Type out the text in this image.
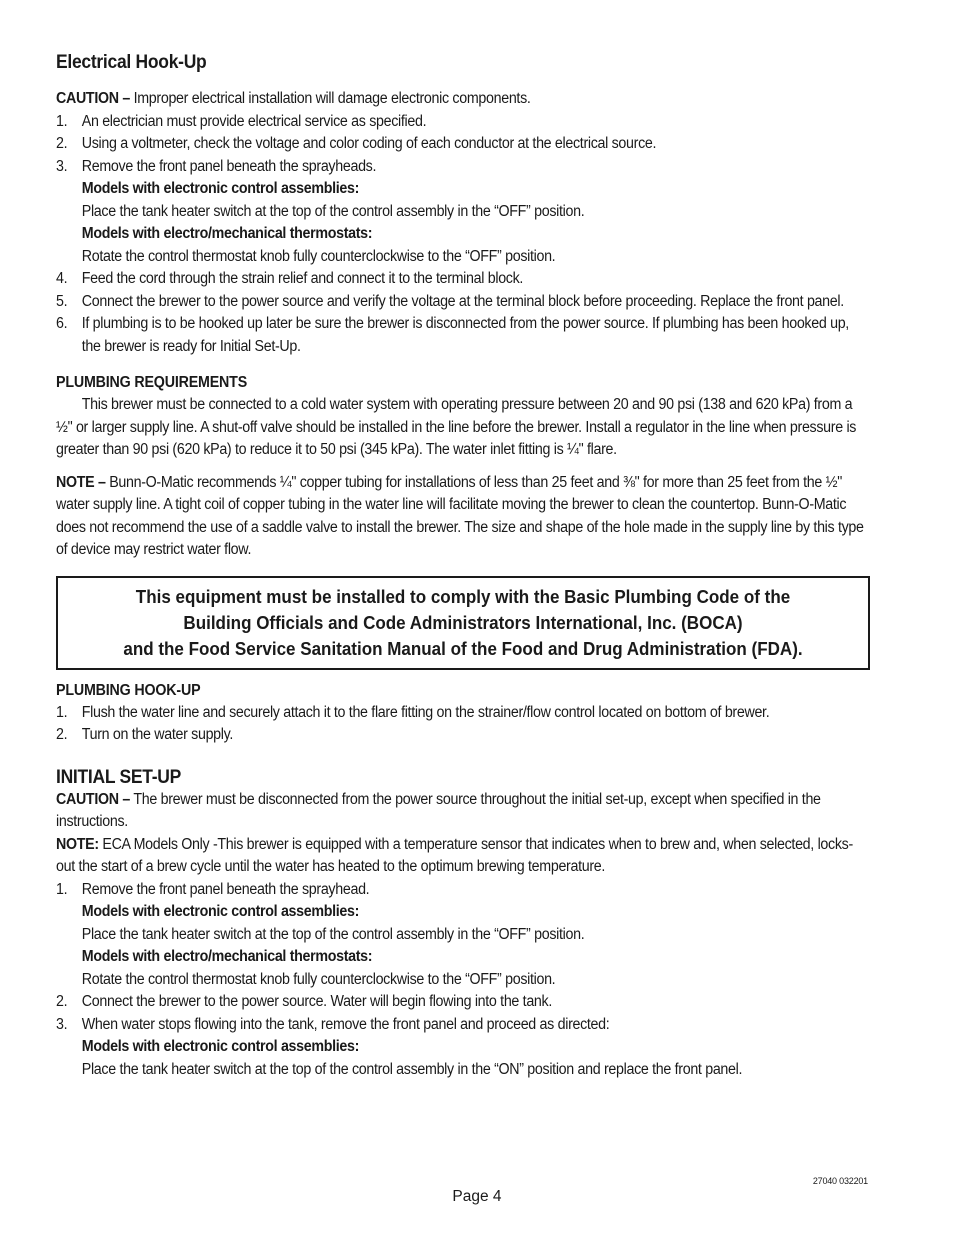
Electrical Hook-Up
CAUTION – Improper electrical installation will damage electronic components.
1. An electrician must provide electrical service as specified.
2. Using a voltmeter, check the voltage and color coding of each conductor at the electrical source.
3. Remove the front panel beneath the sprayheads.
Models with electronic control assemblies:
Place the tank heater switch at the top of the control assembly in the “OFF” position.
Models with electro/mechanical thermostats:
Rotate the control thermostat knob fully counterclockwise to the “OFF” position.
4. Feed the cord through the strain relief and connect it to the terminal block.
5. Connect the brewer to the power source and verify the voltage at the terminal block before proceeding. Replace the front panel.
6. If plumbing is to be hooked up later be sure the brewer is disconnected from the power source. If plumbing has been hooked up, the brewer is ready for Initial Set-Up.
PLUMBING REQUIREMENTS
This brewer must be connected to a cold water system with operating pressure between 20 and 90 psi (138 and 620 kPa) from a ½" or larger supply line. A shut-off valve should be installed in the line before the brewer. Install a regulator in the line when pressure is greater than 90 psi (620 kPa) to reduce it to 50 psi (345 kPa). The water inlet fitting is ¼" flare.
NOTE – Bunn-O-Matic recommends ¼" copper tubing for installations of less than 25 feet and ⅜" for more than 25 feet from the ½" water supply line. A tight coil of copper tubing in the water line will facilitate moving the brewer to clean the countertop. Bunn-O-Matic does not recommend the use of a saddle valve to install the brewer. The size and shape of the hole made in the supply line by this type of device may restrict water flow.
This equipment must be installed to comply with the Basic Plumbing Code of the
Building Officials and Code Administrators International, Inc. (BOCA)
and the Food Service Sanitation Manual of the Food and Drug Administration (FDA).
PLUMBING HOOK-UP
1. Flush the water line and securely attach it to the flare fitting on the strainer/flow control located on bottom of brewer.
2. Turn on the water supply.
INITIAL SET-UP
CAUTION – The brewer must be disconnected from the power source throughout the initial set-up, except when specified in the instructions.
NOTE: ECA Models Only -This brewer is equipped with a temperature sensor that indicates when to brew and, when selected, locks-out the start of a brew cycle until the water has heated to the optimum brewing temperature.
1. Remove the front panel beneath the sprayhead.
Models with electronic control assemblies:
Place the tank heater switch at the top of the control assembly in the “OFF” position.
Models with electro/mechanical thermostats:
Rotate the control thermostat knob fully counterclockwise to the “OFF” position.
2. Connect the brewer to the power source. Water will begin flowing into the tank.
3. When water stops flowing into the tank, remove the front panel and proceed as directed:
Models with electronic control assemblies:
Place the tank heater switch at the top of the control assembly in the “ON” position and replace the front panel.
27040 032201
Page 4
